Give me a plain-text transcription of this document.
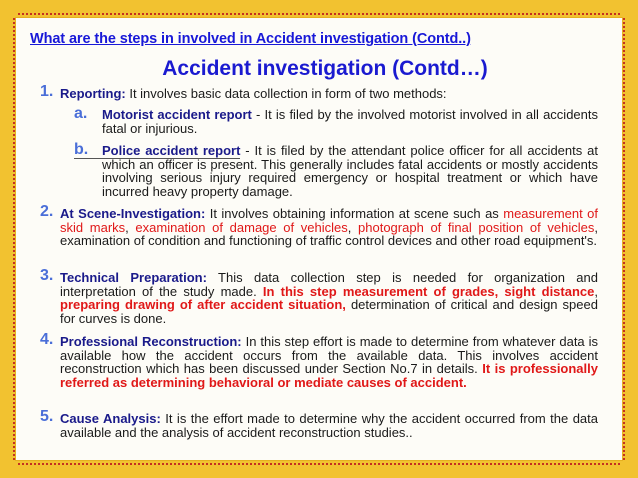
What are the steps in involved in Accident investigation (Contd..)
Accident investigation (Contd…)
1. Reporting: It involves basic data collection in form of two methods:
a. Motorist accident report - It is filed by the involved motorist involved in all accidents fatal or injurious.
b. Police accident report - It is filed by the attendant police officer for all accidents at which an officer is present. This generally includes fatal accidents or mostly accidents involving serious injury required emergency or hospital treatment or which have incurred heavy property damage.
2. At Scene-Investigation: It involves obtaining information at scene such as measurement of skid marks, examination of damage of vehicles, photograph of final position of vehicles, examination of condition and functioning of traffic control devices and other road equipment's.
3. Technical Preparation: This data collection step is needed for organization and interpretation of the study made. In this step measurement of grades, sight distance, preparing drawing of after accident situation, determination of critical and design speed for curves is done.
4. Professional Reconstruction: In this step effort is made to determine from whatever data is available how the accident occurs from the available data. This involves accident reconstruction which has been discussed under Section No.7 in details. It is professionally referred as determining behavioral or mediate causes of accident.
5. Cause Analysis: It is the effort made to determine why the accident occurred from the data available and the analysis of accident reconstruction studies..
